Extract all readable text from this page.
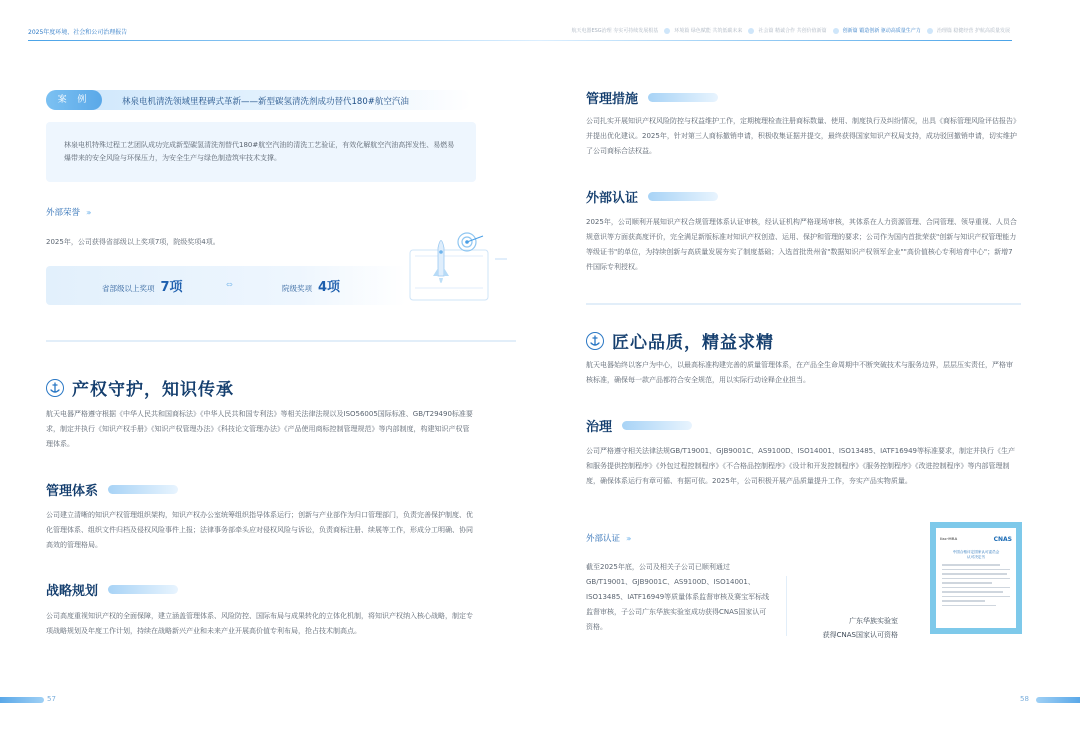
2025年度环境、社会和公司治理报告
案 例	林泉电机清洗领域里程碑式革新——新型碳氢清洗剂成功替代180#航空汽油
林泉电机特殊过程工艺团队成功完成新型碳氢清洗剂替代180#航空汽油的清洗工艺验证，有效化解航空汽油高挥发性、易燃易爆带来的安全风险与环保压力，为安全生产与绿色制造筑牢技术支撑。
外部荣誉 ›››
2025年，公司获得省部级以上奖项7项，院级奖项4项。
省部级以上奖项 7项	⇔	院级奖项 4项
产权守护，知识传承
航天电器严格遵守根据《中华人民共和国商标法》《中华人民共和国专利法》等相关法律法规以及ISO56005国际标准、GB/T29490标准要求，制定并执行《知识产权手册》《知识产权管理办法》《科技论文管理办法》《产品使用商标控制管理规范》等内部制度，构建知识产权管理体系。
管理体系
公司建立清晰的知识产权管理组织架构，知识产权办公室统筹组织指导体系运行；创新与产业部作为归口管理部门，负责完善保护制度、优化管理体系、组织文件归档及侵权风险事件上报；法律事务部牵头应对侵权风险与诉讼，负责商标注册、续展等工作，形成分工明确、协同高效的管理格局。
战略规划
公司高度重视知识产权的全面保障，建立涵盖管理体系、风险防控、国际布局与成果转化的立体化机制，将知识产权纳入核心战略，制定专项战略规划及年度工作计划，持续在战略新兴产业和未来产业开展高价值专利布局，抢占技术制高点。
57
航天电器ESG治理 夯实可持续发展根基	环境篇 绿色赋能 共筑低碳未来	社会篇 精诚合作 共创价值新篇	创新篇 锻造创新 驱动高质量生产力	治理篇 稳健经营 护航高质量发展
管理措施
公司扎实开展知识产权风险防控与权益维护工作，定期梳理检查注册商标数量、使用、制度执行及纠纷情况，出具《商标管理风险评估报告》并提出优化建议。2025年，针对第三人商标撤销申请，积极收集证据并提交，最终获得国家知识产权局支持，成功驳回撤销申请，切实维护了公司商标合法权益。
外部认证
2025年，公司顺利开展知识产权合规管理体系认证审核，经认证机构严格现场审核，其体系在人力资源管理、合同管理、领导重视、人员合规意识等方面获高度评价，完全满足新版标准对知识产权创造、运用、保护和管理的要求；公司作为国内首批荣获"创新与知识产权管理能力等级证书"的单位，为持续创新与高质量发展夯实了制度基础；入选首批贵州省"数据知识产权领军企业""高价值核心专利培育中心"；新增7件国际专利授权。
匠心品质，精益求精
航天电器始终以客户为中心，以最高标准构建完善的质量管理体系，在产品全生命周期中不断突破技术与服务边界，层层压实责任，严格审核标准，确保每一款产品都符合安全规范，用以实际行动诠释企业担当。
治理
公司严格遵守相关法律法规GB/T19001、GJB9001C、AS9100D、ISO14001、ISO13485、IATF16949等标准要求，制定并执行《生产和服务提供控制程序》《外包过程控制程序》《不合格品控制程序》《设计和开发控制程序》《服务控制程序》《改进控制程序》等内部管理制度，确保体系运行有章可循、有据可依。2025年，公司积极开展产品质量提升工作，夯实产品实物质量。
外部认证 ›››
截至2025年底，公司及相关子公司已顺利通过GB/T19001、GJB9001C、AS9100D、ISO14001、ISO13485、IATF16949等质量体系监督审核及赛宝军标线监督审核，子公司广东华族实验室成功获得CNAS国家认可资格。
广东华族实验室
获得CNAS国家认可资格
ilac-MRA	CNAS
中国合格评定国家认可委员会
认可决定书
58
